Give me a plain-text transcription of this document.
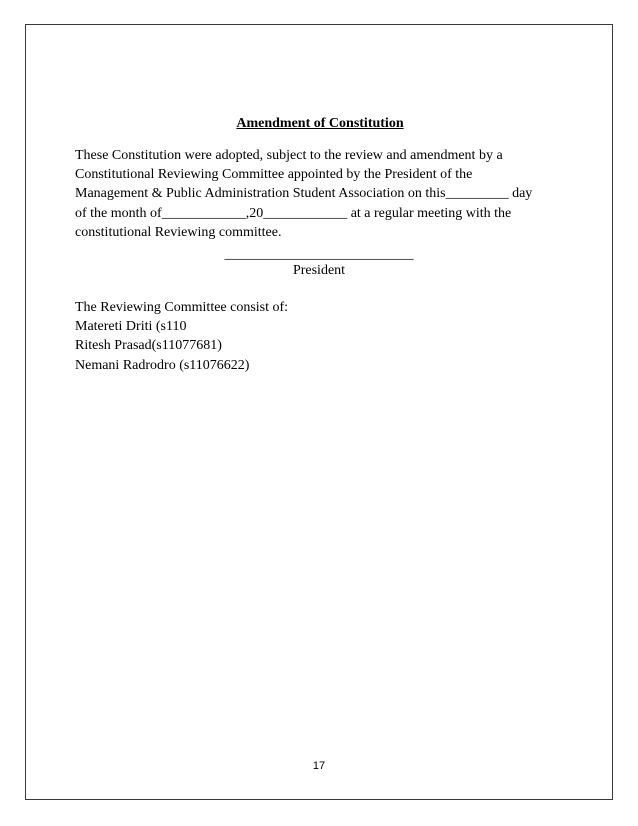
Amendment of Constitution
These Constitution were adopted, subject to the review and amendment by a
Constitutional Reviewing Committee appointed by the President of the
Management & Public Administration Student Association on this_________ day
of the month of____________,20____________ at a regular meeting with the
constitutional Reviewing committee.
___________________________
President
The Reviewing Committee consist of:
Matereti Driti (s110
Ritesh Prasad(s11077681)
Nemani Radrodro (s11076622)
17
